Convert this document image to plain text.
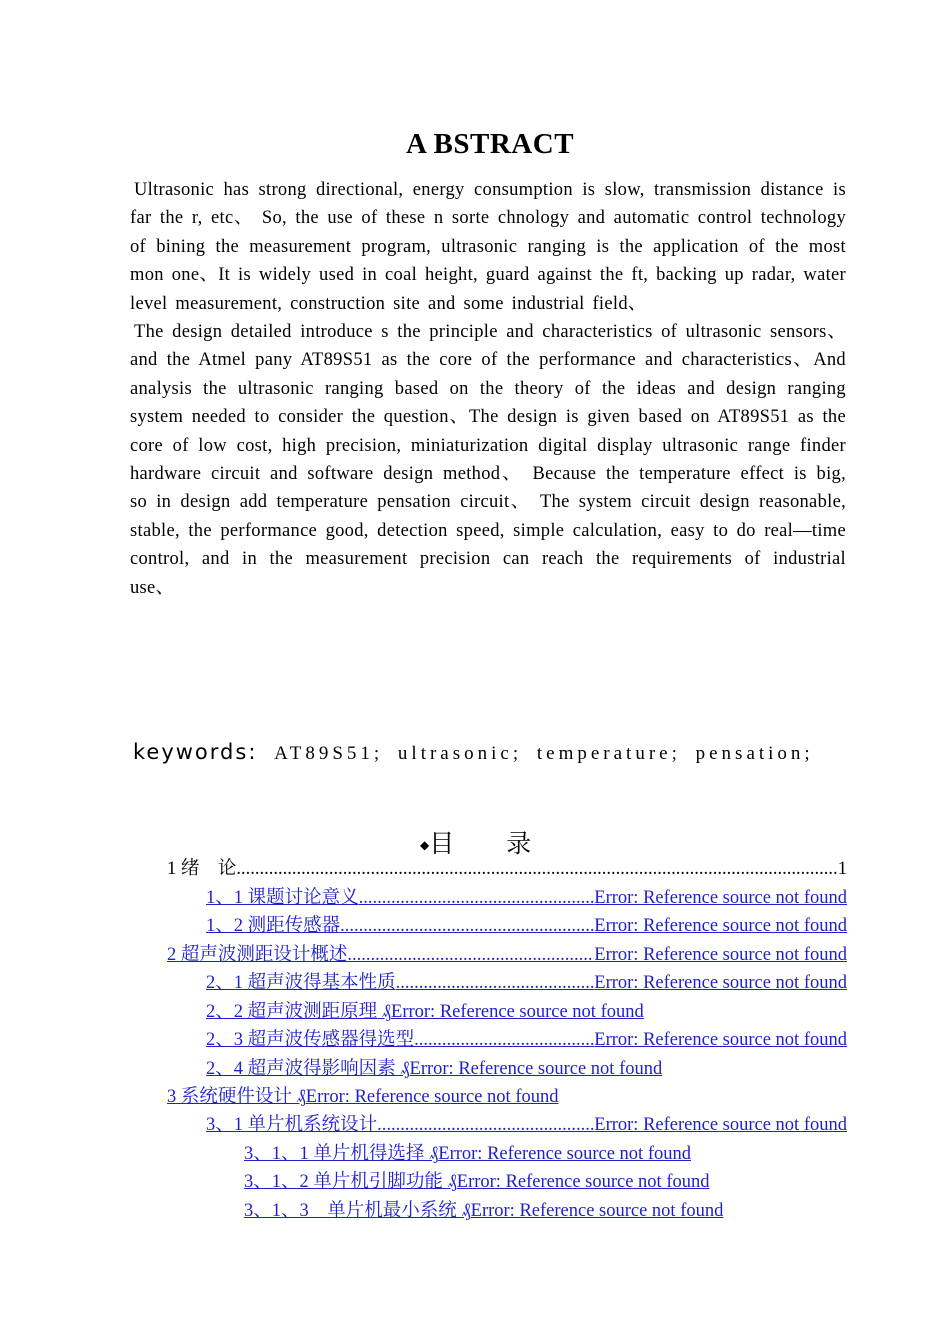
A BSTRACT

Ultrasonic has strong directional, energy consumption is slow, transmission distance is far the r, etc、 So, the use of these n sorte chnology and automatic control technology of bining the measurement program, ultrasonic ranging is the application of the most mon one、It is widely used in coal height, guard against the ft, backing up radar, water level measurement, construction site and some industrial field、

The design detailed introduce s the principle and characteristics of ultrasonic sensors、and the Atmel pany AT89S51 as the core of the performance and characteristics、And analysis the ultrasonic ranging based on the theory of the ideas and design ranging system needed to consider the question、The design is given based on AT89S51 as the core of low cost, high precision, miniaturization digital display ultrasonic range finder hardware circuit and software design method、 Because the temperature effect is big, so in design add temperature pensation circuit、 The system circuit design reasonable, stable, the performance good, detection speed, simple calculation, easy to do real—time control, and in the measurement precision can reach the requirements of industrial use、

keywords: AT89S51; ultrasonic; temperature; pensation;

◆目录
1 绪　论 .....	1
1、1 课题讨论意义 .....	Error: Reference source not found
1、2 测距传感器 .....	Error: Reference source not found
2 超声波测距设计概述 .....	Error: Reference source not found
2、1 超声波得基本性质 .....	Error: Reference source not found
2、2 超声波测距原理 ₰Error: Reference source not found
2、3 超声波传感器得选型 .....	Error: Reference source not found
2、4 超声波得影响因素 ₰Error: Reference source not found
3 系统硬件设计 ₰Error: Reference source not found
3、1 单片机系统设计 .....	Error: Reference source not found
3、1、1 单片机得选择 ₰Error: Reference source not found
3、1、2 单片机引脚功能 ₰Error: Reference source not found
3、1、3　单片机最小系统 ₰Error: Reference source not found
